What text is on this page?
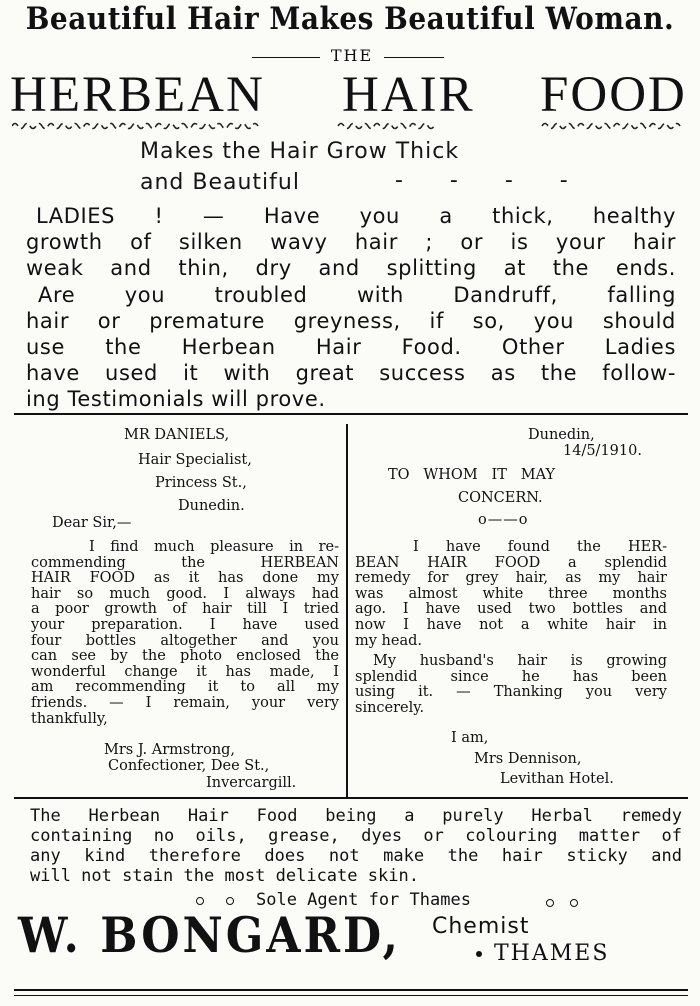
Beautiful Hair Makes Beautiful Woman.
THE
HERBEAN HAIR FOOD
Makes the Hair Grow Thick
and Beautiful	- - - -
LADIES ! — Have you a thick, healthy
growth of silken wavy hair ; or is your hair
weak and thin, dry and splitting at the ends.
Are you troubled with Dandruff, falling
hair or premature greyness, if so, you should
use the Herbean Hair Food. Other Ladies
have used it with great success as the follow-
ing Testimonials will prove.
MR DANIELS,
Hair Specialist,
Princess St.,
Dunedin.
Dear Sir,—
I find much pleasure in re-
commending the HERBEAN
HAIR FOOD as it has done my
hair so much good. I always had
a poor growth of hair till I tried
your preparation. I have used
four bottles altogether and you
can see by the photo enclosed the
wonderful change it has made, I
am recommending it to all my
friends. — I remain, your very
thankfully,
Mrs J. Armstrong,
Confectioner, Dee St.,
Invercargill.
Dunedin,
14/5/1910.
TO   WHOM   IT   MAY
CONCERN.
o——o
I have found the HER-
BEAN HAIR FOOD a splendid
remedy for grey hair, as my hair
was almost white three months
ago. I have used two bottles and
now I have not a white hair in
my head.
My husband's hair is growing
splendid since he has been
using it. — Thanking you very
sincerely.
I am,
Mrs Dennison,
Levithan Hotel.
The Herbean Hair Food being a purely Herbal remedy
containing no oils, grease, dyes or colouring matter of
any kind therefore does not make the hair sticky and
will not stain the most delicate skin.
Sole Agent for Thames
W. BONGARD, Chemist
THAMES
